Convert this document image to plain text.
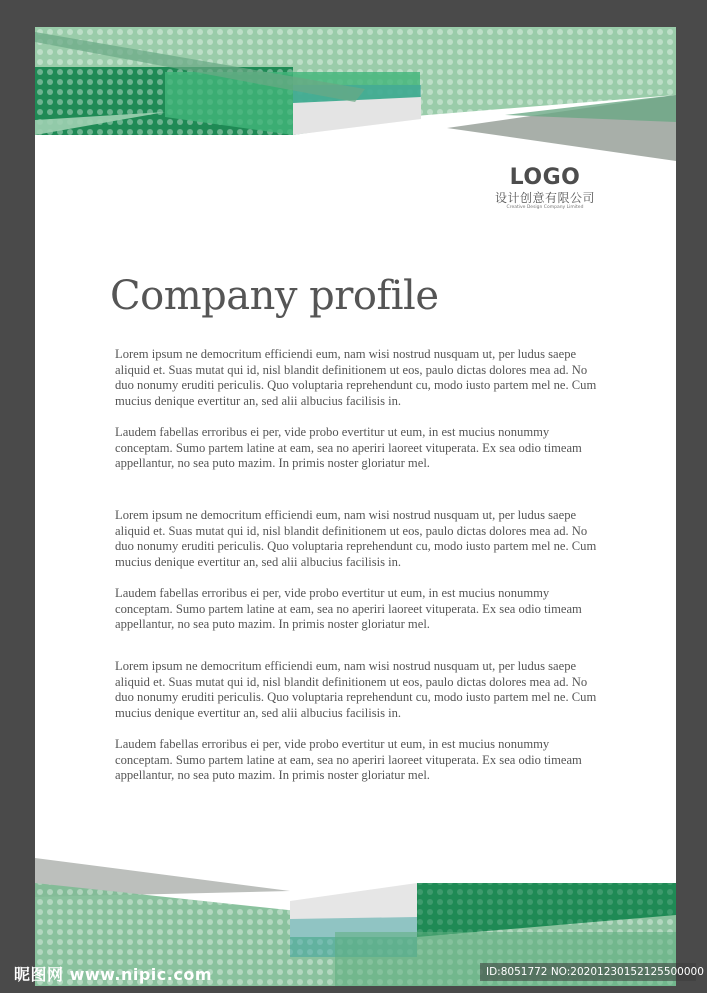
LOGO
设计创意有限公司
Creative Design Company Limited
Company profile

Lorem ipsum ne democritum efficiendi eum, nam wisi nostrud nusquam ut, per ludus saepe aliquid et. Suas mutat qui id, nisl blandit definitionem ut eos, paulo dictas dolores mea ad. No duo nonumy eruditi periculis. Quo voluptaria reprehendunt cu, modo iusto partem mel ne. Cum mucius denique evertitur an, sed alii albucius facilisis in.

Laudem fabellas erroribus ei per, vide probo evertitur ut eum, in est mucius nonummy conceptam. Sumo partem latine at eam, sea no aperiri laoreet vituperata. Ex sea odio timeam appellantur, no sea puto mazim. In primis noster gloriatur mel.

Lorem ipsum ne democritum efficiendi eum, nam wisi nostrud nusquam ut, per ludus saepe aliquid et. Suas mutat qui id, nisl blandit definitionem ut eos, paulo dictas dolores mea ad. No duo nonumy eruditi periculis. Quo voluptaria reprehendunt cu, modo iusto partem mel ne. Cum mucius denique evertitur an, sed alii albucius facilisis in.

Laudem fabellas erroribus ei per, vide probo evertitur ut eum, in est mucius nonummy conceptam. Sumo partem latine at eam, sea no aperiri laoreet vituperata. Ex sea odio timeam appellantur, no sea puto mazim. In primis noster gloriatur mel.

Lorem ipsum ne democritum efficiendi eum, nam wisi nostrud nusquam ut, per ludus saepe aliquid et. Suas mutat qui id, nisl blandit definitionem ut eos, paulo dictas dolores mea ad. No duo nonumy eruditi periculis. Quo voluptaria reprehendunt cu, modo iusto partem mel ne. Cum mucius denique evertitur an, sed alii albucius facilisis in.

Laudem fabellas erroribus ei per, vide probo evertitur ut eum, in est mucius nonummy conceptam. Sumo partem latine at eam, sea no aperiri laoreet vituperata. Ex sea odio timeam appellantur, no sea puto mazim. In primis noster gloriatur mel.

昵图网 www.nipic.com	ID:8051772 NO:20201230152125500000
